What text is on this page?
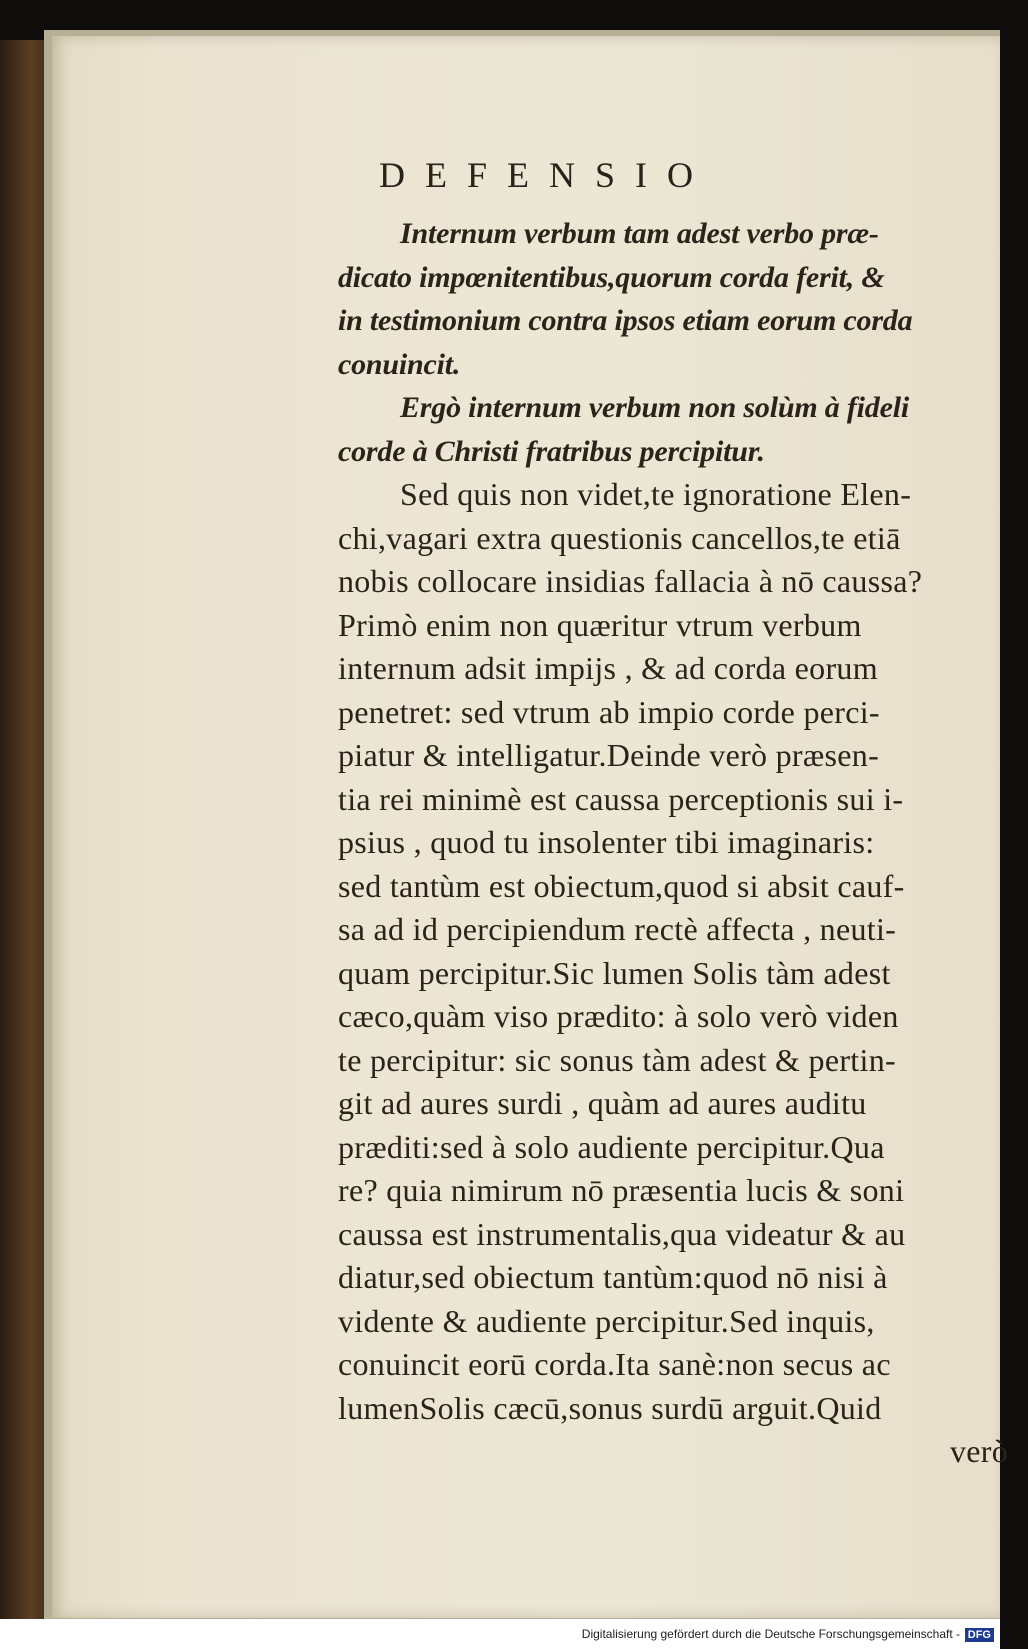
DEFENSIO
Internum verbum tam adest verbo præ-
dicato impœnitentibus,quorum corda ferit, &
in testimonium contra ipsos etiam eorum corda
conuincit.
Ergò internum verbum non solùm à fideli
corde à Christi fratribus percipitur.
Sed quis non videt,te ignoratione Elen-
chi,vagari extra questionis cancellos,te etiā
nobis collocare insidias fallacia à nō caussa?
Primò enim non quæritur vtrum verbum
internum adsit impijs , & ad corda eorum
penetret: sed vtrum ab impio corde perci-
piatur & intelligatur.Deinde verò præsen-
tia rei minimè est caussa perceptionis sui i-
psius , quod tu insolenter tibi imaginaris:
sed tantùm est obiectum,quod si absit cauf-
sa ad id percipiendum rectè affecta , neuti-
quam percipitur.Sic lumen Solis tàm adest
cæco,quàm viso prædito: à solo verò viden
te percipitur: sic sonus tàm adest & pertin-
git ad aures surdi , quàm ad aures auditu
præditi:sed à solo audiente percipitur.Qua
re? quia nimirum nō præsentia lucis & soni
caussa est instrumentalis,qua videatur & au
diatur,sed obiectum tantùm:quod nō nisi à
vidente & audiente percipitur.Sed inquis,
conuincit eorū corda.Ita sanè:non secus ac
lumenSolis cæcū,sonus surdū arguit.Quid
verò
Digitalisierung gefördert durch die Deutsche Forschungsgemeinschaft - DFG
